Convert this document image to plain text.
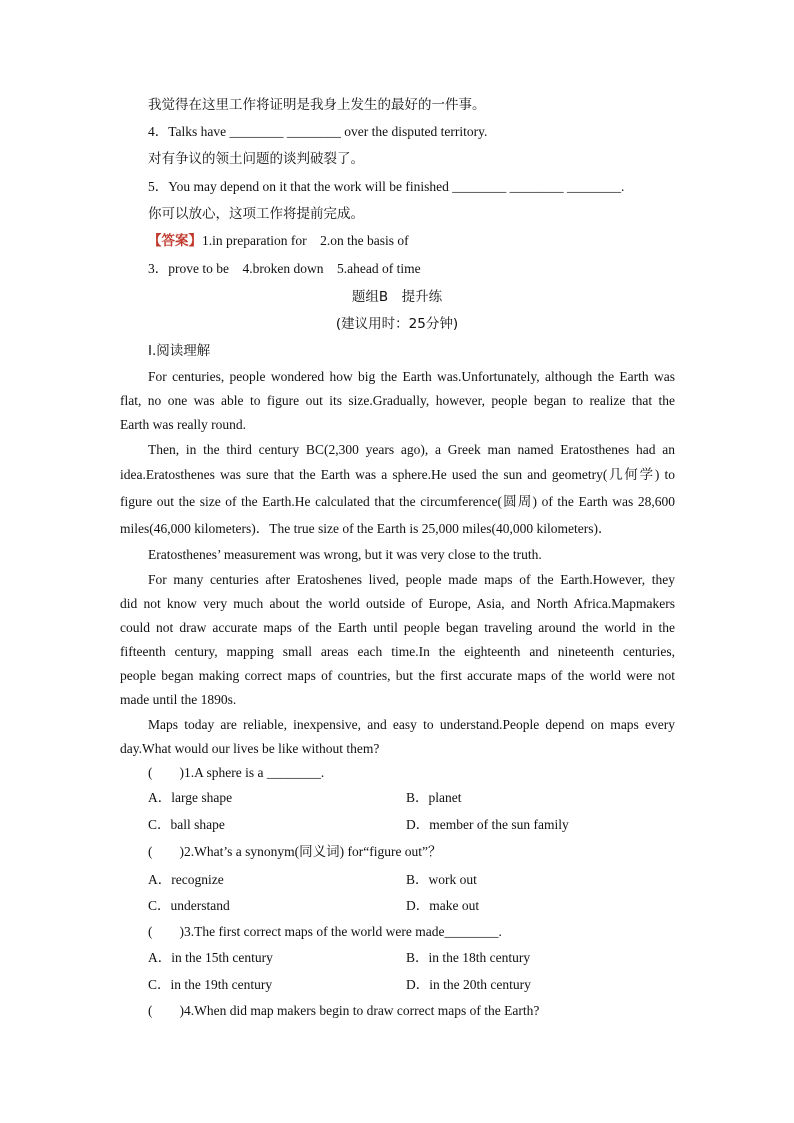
我觉得在这里工作将证明是我身上发生的最好的一件事。
4．Talks have ________ ________ over the disputed territory.
对有争议的领土问题的谈判破裂了。
5．You may depend on it that the work will be finished ________ ________ ________.
你可以放心，这项工作将提前完成。
【答案】1.in preparation for　2.on the basis of
3．prove to be　4.broken down　5.ahead of time
题组B　提升练
(建议用时：25分钟)
Ⅰ.阅读理解
For centuries, people wondered how big the Earth was.Unfortunately, although the Earth was
flat, no one was able to figure out its size.Gradually, however, people began to realize that the
Earth was really round.
Then, in the third century BC(2,300 years ago), a Greek man named Eratosthenes had an
idea.Eratosthenes was sure that the Earth was a sphere.He used the sun and geometry(几何学) to
figure out the size of the Earth.He calculated that the circumference(圆周) of the Earth was 28,600
miles(46,000 kilometers)．The true size of the Earth is 25,000 miles(40,000 kilometers)．
Eratosthenes’ measurement was wrong, but it was very close to the truth.
For many centuries after Eratoshenes lived, people made maps of the Earth.However, they
did not know very much about the world outside of Europe, Asia, and North Africa.Mapmakers
could not draw accurate maps of the Earth until people began traveling around the world in the
fifteenth century, mapping small areas each time.In the eighteenth and nineteenth centuries,
people began making correct maps of countries, but the first accurate maps of the world were not
made until the 1890s.
Maps today are reliable, inexpensive, and easy to understand.People depend on maps every
day.What would our lives be like without them?
(　　)1.A sphere is a ________.
A．large shape	B．planet
C．ball shape	D．member of the sun family
(　　)2.What’s a synonym(同义词) for“figure out”？
A．recognize	B．work out
C．understand	D．make out
(　　)3.The first correct maps of the world were made________.
A．in the 15th century	B．in the 18th century
C．in the 19th century	D．in the 20th century
(　　)4.When did map makers begin to draw correct maps of the Earth?
